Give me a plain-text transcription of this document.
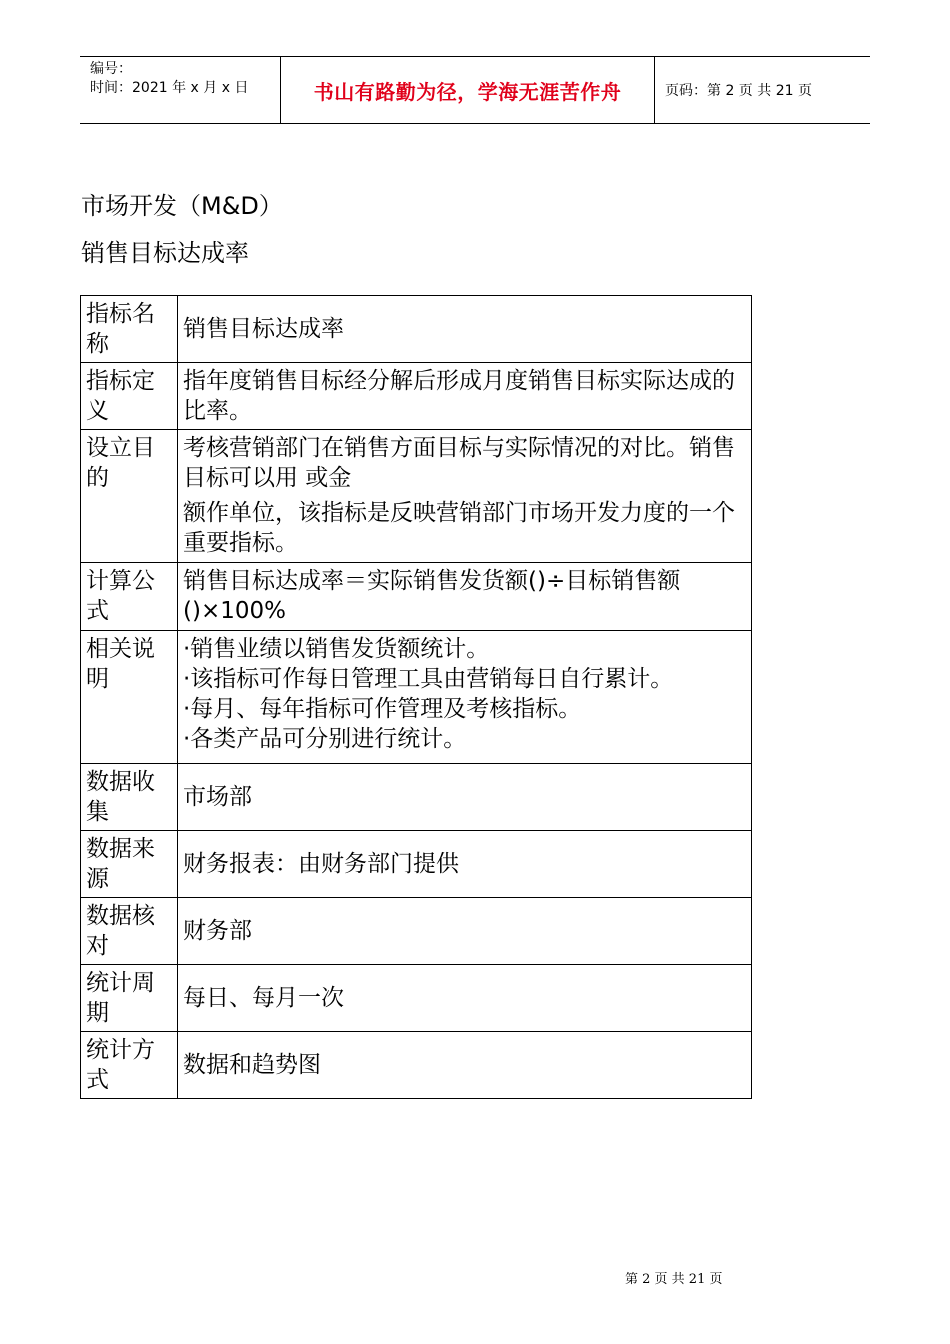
编号：
时间：2021 年 x 月 x 日	书山有路勤为径，学海无涯苦作舟	页码：第 2 页 共 21 页
市场开发（M&D）
销售目标达成率
指标名称	销售目标达成率

指标定义	指年度销售目标经分解后形成月度销售目标实际达成的比率。

设立目的	考核营销部门在销售方面目标与实际情况的对比。销售目标可以用 或金
额作单位，该指标是反映营销部门市场开发力度的一个重要指标。

计算公式	销售目标达成率＝实际销售发货额()÷目标销售额()×100%

相关说明	·销售业绩以销售发货额统计。
·该指标可作每日管理工具由营销每日自行累计。
·每月、每年指标可作管理及考核指标。
·各类产品可分别进行统计。

数据收集	市场部

数据来源	财务报表：由财务部门提供

数据核对	财务部

统计周期	每日、每月一次

统计方式	数据和趋势图
第 2 页 共 21 页
